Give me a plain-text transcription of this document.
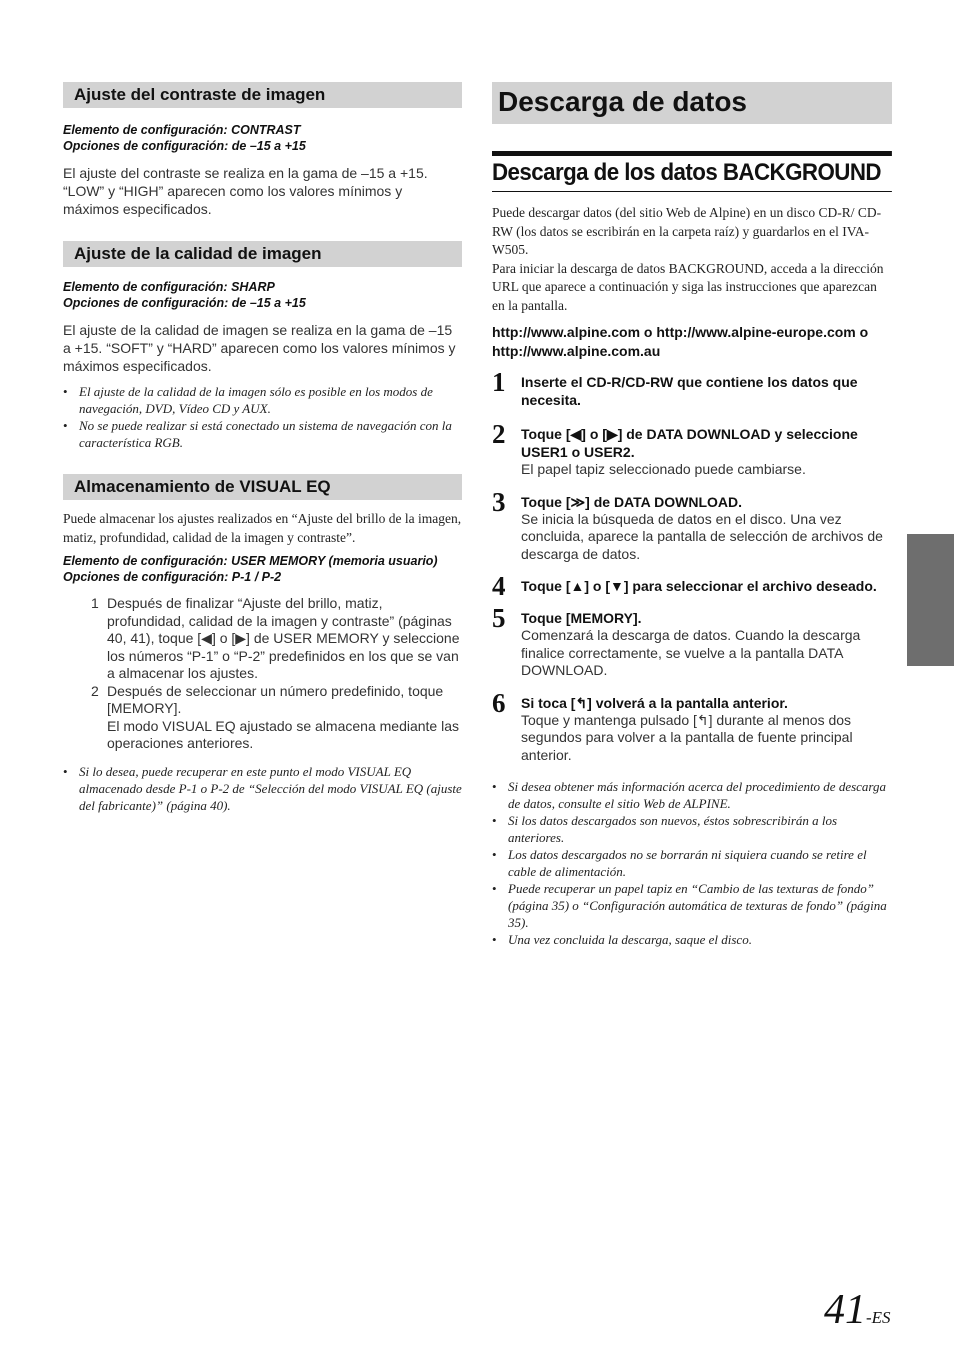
Ajuste del contraste de imagen
Elemento de configuración: CONTRAST
Opciones de configuración: de –15 a +15
El ajuste del contraste se realiza en la gama de –15 a +15. “LOW” y “HIGH” aparecen como los valores mínimos y máximos especificados.
Ajuste de la calidad de imagen
Elemento de configuración: SHARP
Opciones de configuración: de –15 a +15
El ajuste de la calidad de imagen se realiza en la gama de –15 a +15. “SOFT” y “HARD” aparecen como los valores mínimos y máximos especificados.
• El ajuste de la calidad de la imagen sólo es posible en los modos de navegación, DVD, Vídeo CD y AUX.
• No se puede realizar si está conectado un sistema de navegación con la característica RGB.
Almacenamiento de VISUAL EQ
Puede almacenar los ajustes realizados en “Ajuste del brillo de la imagen, matiz, profundidad, calidad de la imagen y contraste”.
Elemento de configuración: USER MEMORY (memoria usuario)
Opciones de configuración: P-1 / P-2
1 Después de finalizar “Ajuste del brillo, matiz, profundidad, calidad de la imagen y contraste” (páginas 40, 41), toque [◀] o [▶] de USER MEMORY y seleccione los números “P-1” o “P-2” predefinidos en los que se van a almacenar los ajustes.
2 Después de seleccionar un número predefinido, toque [MEMORY].
El modo VISUAL EQ ajustado se almacena mediante las operaciones anteriores.
• Si lo desea, puede recuperar en este punto el modo VISUAL EQ almacenado desde P-1 o P-2 de “Selección del modo VISUAL EQ (ajuste del fabricante)” (página 40).
Descarga de datos
Descarga de los datos BACKGROUND
Puede descargar datos (del sitio Web de Alpine) en un disco CD-R/ CD-RW (los datos se escribirán en la carpeta raíz) y guardarlos en el IVA-W505.
Para iniciar la descarga de datos BACKGROUND, acceda a la dirección URL que aparece a continuación y siga las instrucciones que aparezcan en la pantalla.
http://www.alpine.com o http://www.alpine-europe.com o http://www.alpine.com.au
1 Inserte el CD-R/CD-RW que contiene los datos que necesita.
2 Toque [◀] o [▶] de DATA DOWNLOAD y seleccione USER1 o USER2.
El papel tapiz seleccionado puede cambiarse.
3 Toque [≫] de DATA DOWNLOAD.
Se inicia la búsqueda de datos en el disco. Una vez concluida, aparece la pantalla de selección de archivos de descarga de datos.
4 Toque [▲] o [▼] para seleccionar el archivo deseado.
5 Toque [MEMORY].
Comenzará la descarga de datos. Cuando la descarga finalice correctamente, se vuelve a la pantalla DATA DOWNLOAD.
6 Si toca [↰] volverá a la pantalla anterior.
Toque y mantenga pulsado [↰] durante al menos dos segundos para volver a la pantalla de fuente principal anterior.
• Si desea obtener más información acerca del procedimiento de descarga de datos, consulte el sitio Web de ALPINE.
• Si los datos descargados son nuevos, éstos sobrescribirán a los anteriores.
• Los datos descargados no se borrarán ni siquiera cuando se retire el cable de alimentación.
• Puede recuperar un papel tapiz en “Cambio de las texturas de fondo” (página 35) o “Configuración automática de texturas de fondo” (página 35).
• Una vez concluida la descarga, saque el disco.
41-ES
